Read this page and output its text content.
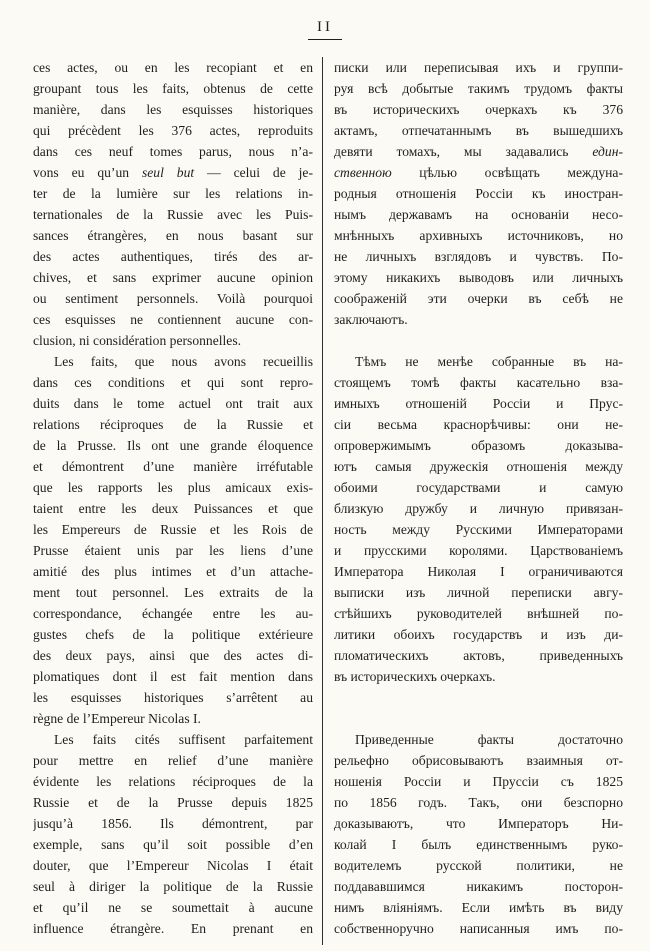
II
ces actes, ou en les recopiant et en
groupant tous les faits, obtenus de cette
manière, dans les esquisses historiques
qui précèdent les 376 actes, reproduits
dans ces neuf tomes parus, nous n’a-
vons eu qu’un seul but — celui de je-
ter de la lumière sur les relations in-
ternationales de la Russie avec les Puis-
sances étrangères, en nous basant sur
des actes authentiques, tirés des ar-
chives, et sans exprimer aucune opinion
ou sentiment personnels. Voilà pourquoi
ces esquisses ne contiennent aucune con-
clusion, ni considération personnelles.
Les faits, que nous avons recueillis
dans ces conditions et qui sont repro-
duits dans le tome actuel ont trait aux
relations réciproques de la Russie et
de la Prusse. Ils ont une grande éloquence
et démontrent d’une manière irréfutable
que les rapports les plus amicaux exis-
taient entre les deux Puissances et que
les Empereurs de Russie et les Rois de
Prusse étaient unis par les liens d’une
amitié des plus intimes et d’un attache-
ment tout personnel. Les extraits de la
correspondance, échangée entre les au-
gustes chefs de la politique extérieure
des deux pays, ainsi que des actes di-
plomatiques dont il est fait mention dans
les esquisses historiques s’arrêtent au
règne de l’Empereur Nicolas I.
Les faits cités suffisent parfaitement
pour mettre en relief d’une manière
évidente les relations réciproques de la
Russie et de la Prusse depuis 1825
jusqu’à 1856. Ils démontrent, par
exemple, sans qu’il soit possible d’en
douter, que l’Empereur Nicolas I était
seul à diriger la politique de la Russie
et qu’il ne se soumettait à aucune
influence étrangère. En prenant en
писки или переписывая ихъ и группи-
руя всѣ добытые такимъ трудомъ факты
въ историческихъ очеркахъ къ 376
актамъ, отпечатаннымъ въ вышедшихъ
девяти томахъ, мы задавались един-
ственною цѣлью освѣщать междуна-
родныя отношенія Россіи къ иностран-
нымъ державамъ на основаніи несо-
мнѣнныхъ архивныхъ источниковъ, но
не личныхъ взглядовъ и чувствъ. По-
этому никакихъ выводовъ или личныхъ
соображеній эти очерки въ себѣ не
заключаютъ.
Тѣмъ не менѣе собранные въ на-
стоящемъ томѣ факты касательно вза-
имныхъ отношеній Россіи и Прус-
сіи весьма краснорѣчивы: они не-
опровержимымъ образомъ доказыва-
ютъ самыя дружескія отношенія между
обоими государствами и самую
близкую дружбу и личную привязан-
ность между Русскими Императорами
и прусскими королями. Царствованіемъ
Императора Николая I ограничиваются
выписки изъ личной переписки авгу-
стѣйшихъ руководителей внѣшней по-
литики обоихъ государствъ и изъ ди-
пломатическихъ актовъ, приведенныхъ
въ историческихъ очеркахъ.
Приведенные факты достаточно
рельефно обрисовываютъ взаимныя от-
ношенія Россіи и Пруссіи съ 1825
по 1856 годъ. Такъ, они безспорно
доказываютъ, что Императоръ Ни-
колай I былъ единственнымъ руко-
водителемъ русской политики, не
поддававшимся никакимъ посторон-
нимъ вліяніямъ. Если имѣть въ виду
собственноручно написанныя имъ по-
